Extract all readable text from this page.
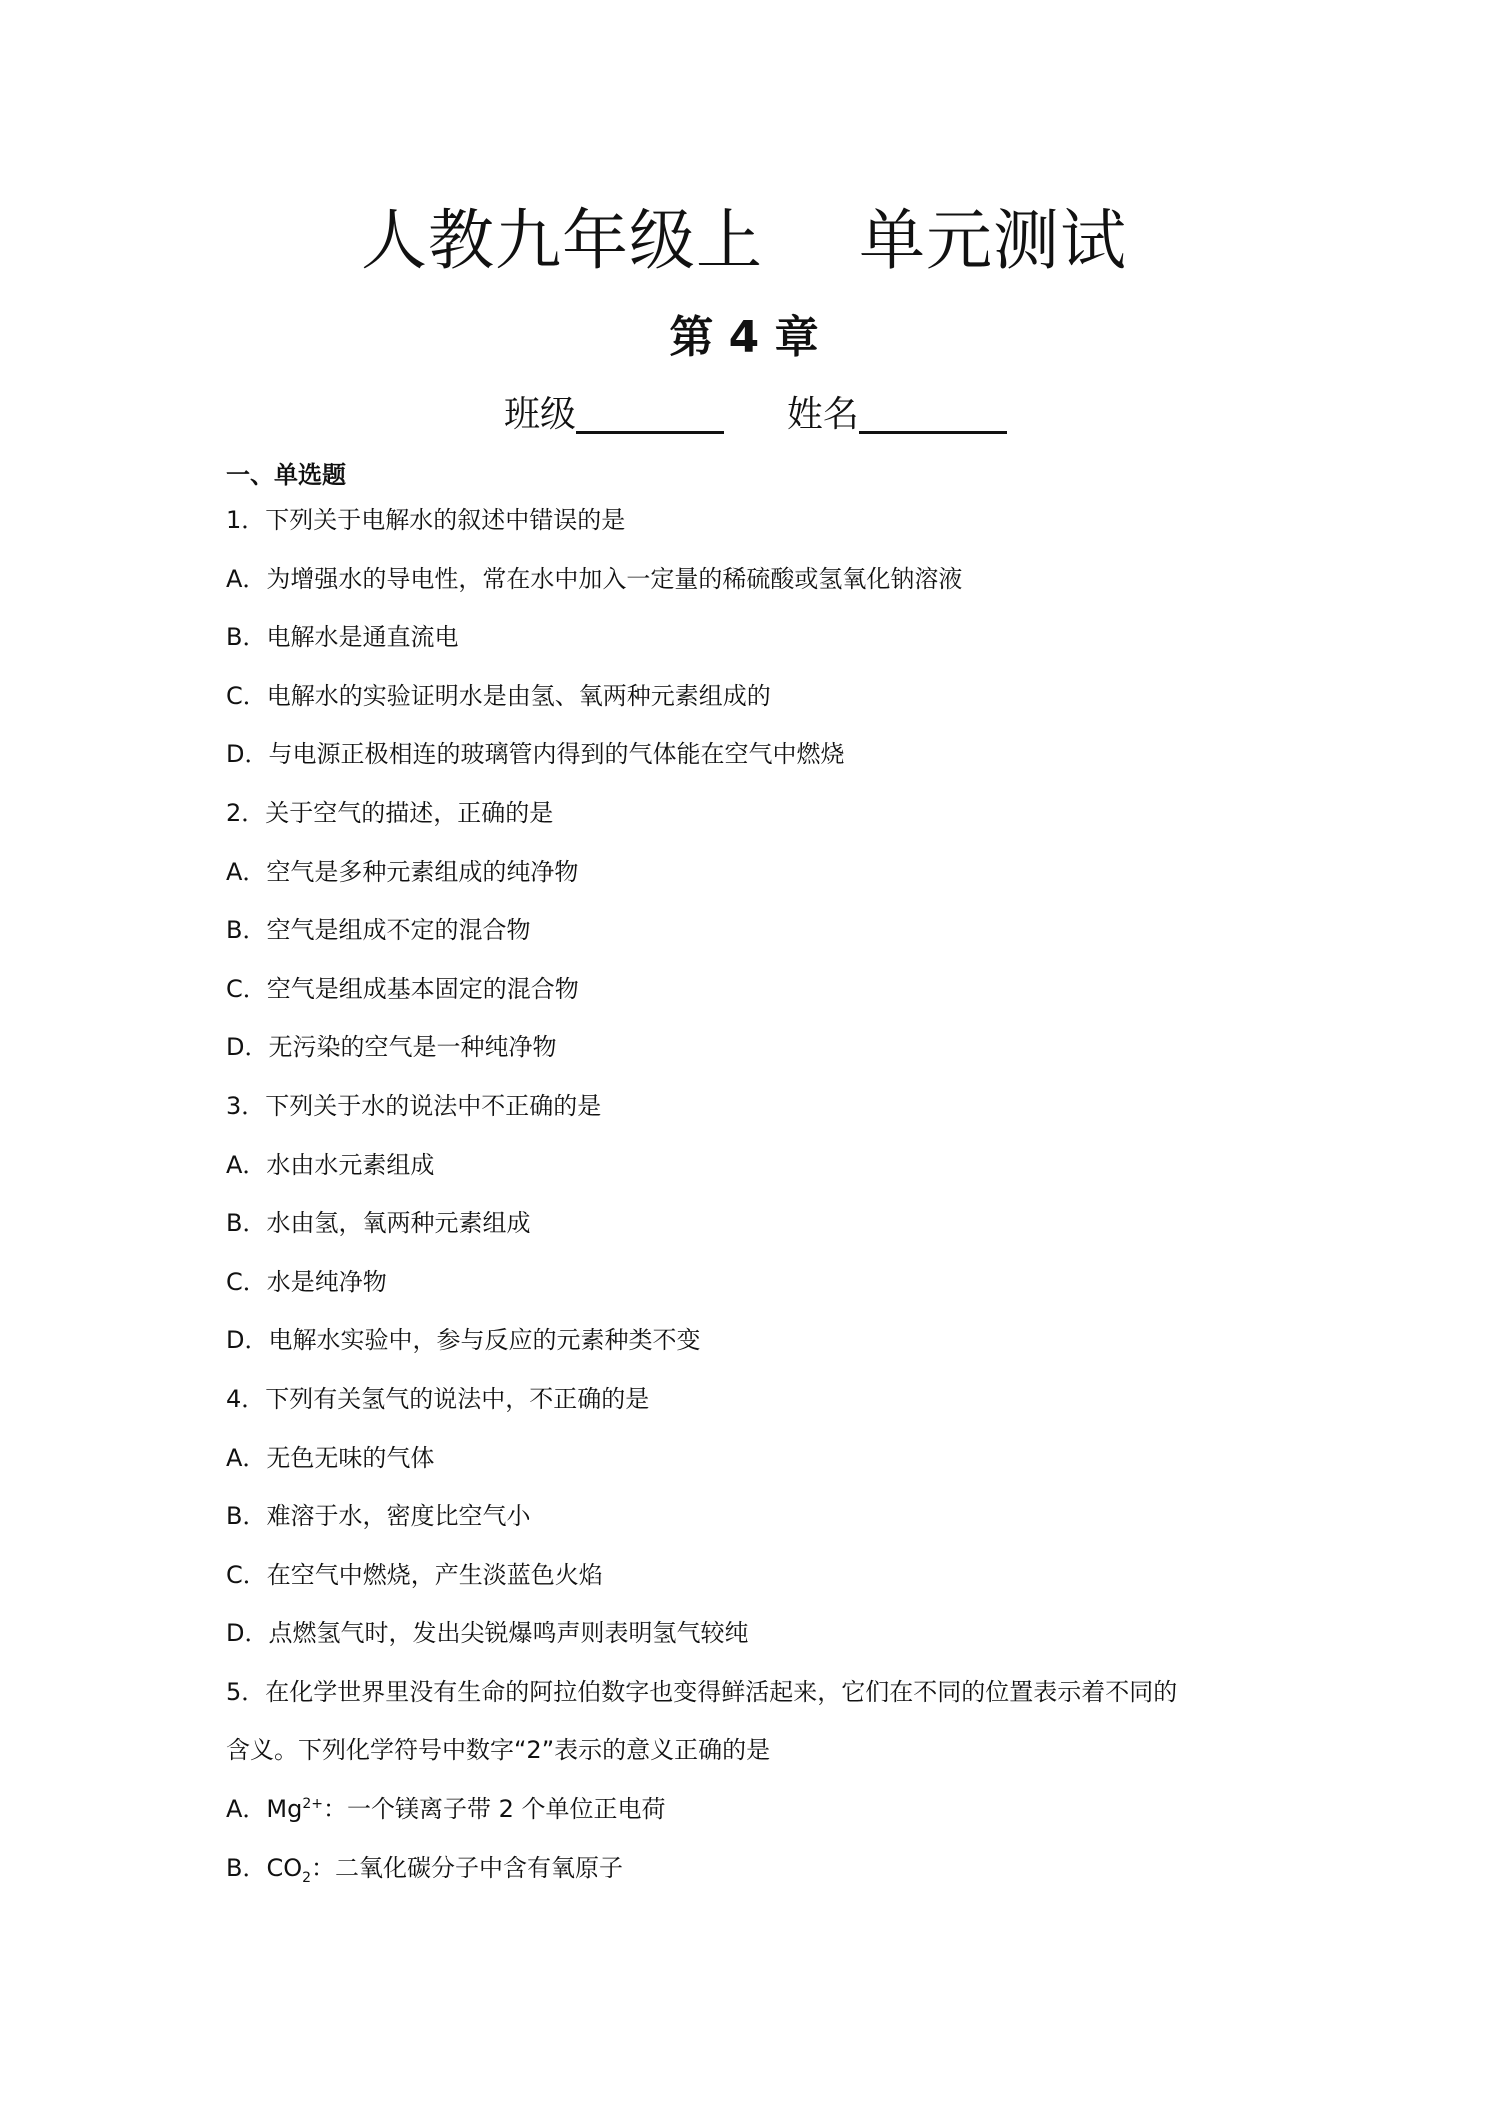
人教九年级上 单元测试
第 4 章
班级	姓名
一、单选题
1．下列关于电解水的叙述中错误的是
A．为增强水的导电性，常在水中加入一定量的稀硫酸或氢氧化钠溶液
B．电解水是通直流电
C．电解水的实验证明水是由氢、氧两种元素组成的
D．与电源正极相连的玻璃管内得到的气体能在空气中燃烧
2．关于空气的描述，正确的是
A．空气是多种元素组成的纯净物
B．空气是组成不定的混合物
C．空气是组成基本固定的混合物
D．无污染的空气是一种纯净物
3．下列关于水的说法中不正确的是
A．水由水元素组成
B．水由氢，氧两种元素组成
C．水是纯净物
D．电解水实验中，参与反应的元素种类不变
4．下列有关氢气的说法中，不正确的是
A．无色无味的气体
B．难溶于水，密度比空气小
C．在空气中燃烧，产生淡蓝色火焰
D．点燃氢气时，发出尖锐爆鸣声则表明氢气较纯
5．在化学世界里没有生命的阿拉伯数字也变得鲜活起来，它们在不同的位置表示着不同的
含义。下列化学符号中数字“2”表示的意义正确的是
A．$Mg^{2+}$：一个镁离子带 2 个单位正电荷
B．$CO_2$：二氧化碳分子中含有氧原子
